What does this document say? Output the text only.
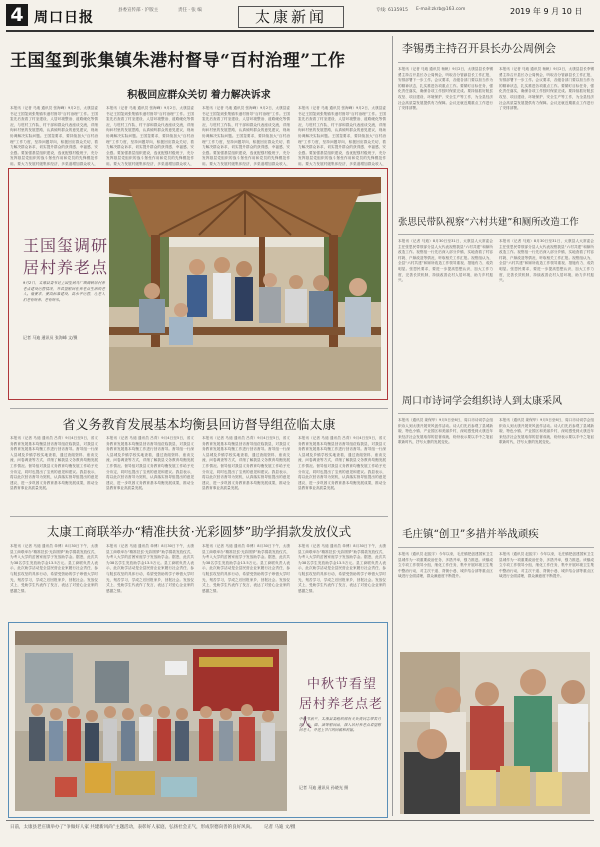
4 周口日报	县委宣传部 · 沪版主	责任 · 张 编	太康新闻	专线: 6135915 E-mail:zkrb@163.com	2019 年 9 月 10 日
王国玺到张集镇朱港村督导“百村治理”工作
积极回应群众关切 着力解决诉求
本报讯（记者 马迪 通讯员 张海峰）9月2日，太康县委书记王国玺到张集镇朱港村督导“百村治理”工作。王国玺先后查看了村室建设、人居环境整治、道路硬化等情况，与驻村工作队、村干部和群众代表座谈交流，详细询问村里的发展思路，认真倾听群众的意见建议，现场协调解决实际问题。王国玺要求，要持续加大“百村治理”工作力度，坚持问题导向，积极回应群众关切，着力解决群众诉求，切实提升群众的获得感、幸福感、安全感。要加强基层组织建设，选优配强村级班子，充分发挥基层党组织的战斗堡垒作用和党员的先锋模范作用。要大力发展村级集体经济，多渠道增加群众收入，
本报讯（记者 马迪 通讯员 张海峰）9月2日，太康县委书记王国玺到张集镇朱港村督导“百村治理”工作。王国玺先后查看了村室建设、人居环境整治、道路硬化等情况，与驻村工作队、村干部和群众代表座谈交流，详细询问村里的发展思路，认真倾听群众的意见建议，现场协调解决实际问题。王国玺要求，要持续加大“百村治理”工作力度，坚持问题导向，积极回应群众关切，着力解决群众诉求，切实提升群众的获得感、幸福感、安全感。要加强基层组织建设，选优配强村级班子，充分发挥基层党组织的战斗堡垒作用和党员的先锋模范作用。要大力发展村级集体经济，多渠道增加群众收入，
本报讯（记者 马迪 通讯员 张海峰）9月2日，太康县委书记王国玺到张集镇朱港村督导“百村治理”工作。王国玺先后查看了村室建设、人居环境整治、道路硬化等情况，与驻村工作队、村干部和群众代表座谈交流，详细询问村里的发展思路，认真倾听群众的意见建议，现场协调解决实际问题。王国玺要求，要持续加大“百村治理”工作力度，坚持问题导向，积极回应群众关切，着力解决群众诉求，切实提升群众的获得感、幸福感、安全感。要加强基层组织建设，选优配强村级班子，充分发挥基层党组织的战斗堡垒作用和党员的先锋模范作用。要大力发展村级集体经济，多渠道增加群众收入，
本报讯（记者 马迪 通讯员 张海峰）9月2日，太康县委书记王国玺到张集镇朱港村督导“百村治理”工作。王国玺先后查看了村室建设、人居环境整治、道路硬化等情况，与驻村工作队、村干部和群众代表座谈交流，详细询问村里的发展思路，认真倾听群众的意见建议，现场协调解决实际问题。王国玺要求，要持续加大“百村治理”工作力度，坚持问题导向，积极回应群众关切，着力解决群众诉求，切实提升群众的获得感、幸福感、安全感。要加强基层组织建设，选优配强村级班子，充分发挥基层党组织的战斗堡垒作用和党员的先锋模范作用。要大力发展村级集体经济，多渠道增加群众收入，
王国玺调研
居村养老点
9月2日，太康县委书记王国玺到马厂镇调研居村养老点建设运营情况，并看望慰问在养老点生活的老人。他要求，要高标准建设、高水平运营，让老人们老有所养、老有所乐。
记者 马迪 通讯员 张海峰 文/摄
省义务教育发展基本均衡县回访督导组莅临太康
本报讯（记者 马迪 通讯员 吕青）9月4日至5日，省义务教育发展基本均衡县回访督导组莅临我县，对我县义务教育发展基本均衡工作进行回访督导。督导组一行深入县城及乡镇学校实地查看，通过查阅资料、座谈交流、问卷调查等方式，详细了解我县义务教育均衡发展工作情况。督导组对我县义务教育均衡发展工作给予充分肯定，同时也提出了宝贵的意见和建议。我县表示，将以此次回访督导为契机，认真落实督导组提出的意见建议，进一步巩固义务教育基本均衡发展成果，推动全县教育事业高质量发展。
本报讯（记者 马迪 通讯员 吕青）9月4日至5日，省义务教育发展基本均衡县回访督导组莅临我县，对我县义务教育发展基本均衡工作进行回访督导。督导组一行深入县城及乡镇学校实地查看，通过查阅资料、座谈交流、问卷调查等方式，详细了解我县义务教育均衡发展工作情况。督导组对我县义务教育均衡发展工作给予充分肯定，同时也提出了宝贵的意见和建议。我县表示，将以此次回访督导为契机，认真落实督导组提出的意见建议，进一步巩固义务教育基本均衡发展成果，推动全县教育事业高质量发展。
本报讯（记者 马迪 通讯员 吕青）9月4日至5日，省义务教育发展基本均衡县回访督导组莅临我县，对我县义务教育发展基本均衡工作进行回访督导。督导组一行深入县城及乡镇学校实地查看，通过查阅资料、座谈交流、问卷调查等方式，详细了解我县义务教育均衡发展工作情况。督导组对我县义务教育均衡发展工作给予充分肯定，同时也提出了宝贵的意见和建议。我县表示，将以此次回访督导为契机，认真落实督导组提出的意见建议，进一步巩固义务教育基本均衡发展成果，推动全县教育事业高质量发展。
本报讯（记者 马迪 通讯员 吕青）9月4日至5日，省义务教育发展基本均衡县回访督导组莅临我县，对我县义务教育发展基本均衡工作进行回访督导。督导组一行深入县城及乡镇学校实地查看，通过查阅资料、座谈交流、问卷调查等方式，详细了解我县义务教育均衡发展工作情况。督导组对我县义务教育均衡发展工作给予充分肯定，同时也提出了宝贵的意见和建议。我县表示，将以此次回访督导为契机，认真落实督导组提出的意见建议，进一步巩固义务教育基本均衡发展成果，推动全县教育事业高质量发展。
太康工商联举办“精准扶贫·光彩圆梦”助学捐款发放仪式
本报讯（记者 马迪 通讯员 单博）8月30日下午，太康县工商联举办“精准扶贫·光彩圆梦”助学捐款发放仪式，为考入大学的贫困家庭学子发放助学金。据悉，此次共为38名学生发放助学金13.5万元。县工商联负责人表示，此次助学活动是全县民营企业家履行社会责任、参与脱贫攻坚的具体行动，希望受资助的学子珍惜大学时光，刻苦学习，学成之后回报家乡，回报社会。发放仪式上，受助学生代表作了发言，表达了对爱心企业家的感激之情。
本报讯（记者 马迪 通讯员 单博）8月30日下午，太康县工商联举办“精准扶贫·光彩圆梦”助学捐款发放仪式，为考入大学的贫困家庭学子发放助学金。据悉，此次共为38名学生发放助学金13.5万元。县工商联负责人表示，此次助学活动是全县民营企业家履行社会责任、参与脱贫攻坚的具体行动，希望受资助的学子珍惜大学时光，刻苦学习，学成之后回报家乡，回报社会。发放仪式上，受助学生代表作了发言，表达了对爱心企业家的感激之情。
本报讯（记者 马迪 通讯员 单博）8月30日下午，太康县工商联举办“精准扶贫·光彩圆梦”助学捐款发放仪式，为考入大学的贫困家庭学子发放助学金。据悉，此次共为38名学生发放助学金13.5万元。县工商联负责人表示，此次助学活动是全县民营企业家履行社会责任、参与脱贫攻坚的具体行动，希望受资助的学子珍惜大学时光，刻苦学习，学成之后回报家乡，回报社会。发放仪式上，受助学生代表作了发言，表达了对爱心企业家的感激之情。
本报讯（记者 马迪 通讯员 单博）8月30日下午，太康县工商联举办“精准扶贫·光彩圆梦”助学捐款发放仪式，为考入大学的贫困家庭学子发放助学金。据悉，此次共为38名学生发放助学金13.5万元。县工商联负责人表示，此次助学活动是全县民营企业家履行社会责任、参与脱贫攻坚的具体行动，希望受资助的学子珍惜大学时光，刻苦学习，学成之后回报家乡，回报社会。发放仪式上，受助学生代表作了发言，表达了对爱心企业家的感激之情。
中秋节看望
居村养老点老人
中秋节前夕，太康县委组织部有关负责同志带着月饼、米、面、油等慰问品，深入居村养老点看望慰问老人，并送上节日的问候和祝福。
记者 马迪 通讯员 孙晓光 摄
李锡勇主持召开县长办公周例会
本报讯（记者 马迪 通讯员 杨帆）9月2日，太康县县长李锡勇主持召开县长办公周例会，听取各分管副县长工作汇报，安排部署下一步工作。会议要求，各级各部门要以担当作为的精神状态，扎实推进各项重点工作。要紧盯目标任务，强化责任落实，确保各项工作按时保质完成。要持续抓好脱贫攻坚、项目建设、环境保护、安全生产等工作，为全县经济社会高质量发展提供有力保障。会议还就近期重点工作进行了安排部署。
本报讯（记者 马迪 通讯员 杨帆）9月2日，太康县县长李锡勇主持召开县长办公周例会，听取各分管副县长工作汇报，安排部署下一步工作。会议要求，各级各部门要以担当作为的精神状态，扎实推进各项重点工作。要紧盯目标任务，强化责任落实，确保各项工作按时保质完成。要持续抓好脱贫攻坚、项目建设、环境保护、安全生产等工作，为全县经济社会高质量发展提供有力保障。会议还就近期重点工作进行了安排部署。
张思民带队视察“六村共建”和厕所改造工作
本报讯（记者 马迪）8月30日至31日，太康县人大常委会主任张思民带领部分县人大代表视察我县“六村共建”和厕所改造工作。视察组一行先后深入部分乡镇，实地查看了村容村貌、户厕改造等情况，听取相关工作汇报。视察组认为，全县“六村共建”和厕所改造工作领导重视、措施有力、成效明显。张思民要求，要进一步提高思想认识，加大工作力度，完善长效机制，持续改善农村人居环境，助力乡村振兴。
本报讯（记者 马迪）8月30日至31日，太康县人大常委会主任张思民带领部分县人大代表视察我县“六村共建”和厕所改造工作。视察组一行先后深入部分乡镇，实地查看了村容村貌、户厕改造等情况，听取相关工作汇报。视察组认为，全县“六村共建”和厕所改造工作领导重视、措施有力、成效明显。张思民要求，要进一步提高思想认识，加大工作力度，完善长效机制，持续改善农村人居环境，助力乡村振兴。
周口市诗词学会组织诗人到太康采风
本报讯（通讯员 姜保华）9月5日至6日，周口市诗词学会组织诗人到太康开展采风创作活动。诗人们先后参观了县城新貌、特色小镇、产业园区和美丽乡村，深切感受到太康近年来经济社会发展取得的显著成就，纷纷表示要以手中之笔讴歌新时代，抒写太康的发展变化。
本报讯（通讯员 姜保华）9月5日至6日，周口市诗词学会组织诗人到太康开展采风创作活动。诗人们先后参观了县城新貌、特色小镇、产业园区和美丽乡村，深切感受到太康近年来经济社会发展取得的显著成就，纷纷表示要以手中之笔讴歌新时代，抒写太康的发展变化。
毛庄镇“创卫”多措并举战顽疾
本报讯（通讯员 赵振宇）今年以来，毛庄镇把创建国家卫生县城作为一项重要政治任务，多措并举，强力推进。该镇成立专项工作领导小组，细化工作任务，集中开展环境卫生集中整治行动，对主次干道、背街小巷、城乡结合部等重点区域进行全面清理，群众满意度不断提升。
本报讯（通讯员 赵振宇）今年以来，毛庄镇把创建国家卫生县城作为一项重要政治任务，多措并举，强力推进。该镇成立专项工作领导小组，细化工作任务，集中开展环境卫生集中整治行动，对主次干道、背街小巷、城乡结合部等重点区域进行全面清理，群众满意度不断提升。
日前，太康县老庄镇举办了“争做好人家 共建新风尚”主题活动，表彰好人家庭，弘扬社会正气，形成崇德向善的良好风尚。 记者 马迪 文/摄
